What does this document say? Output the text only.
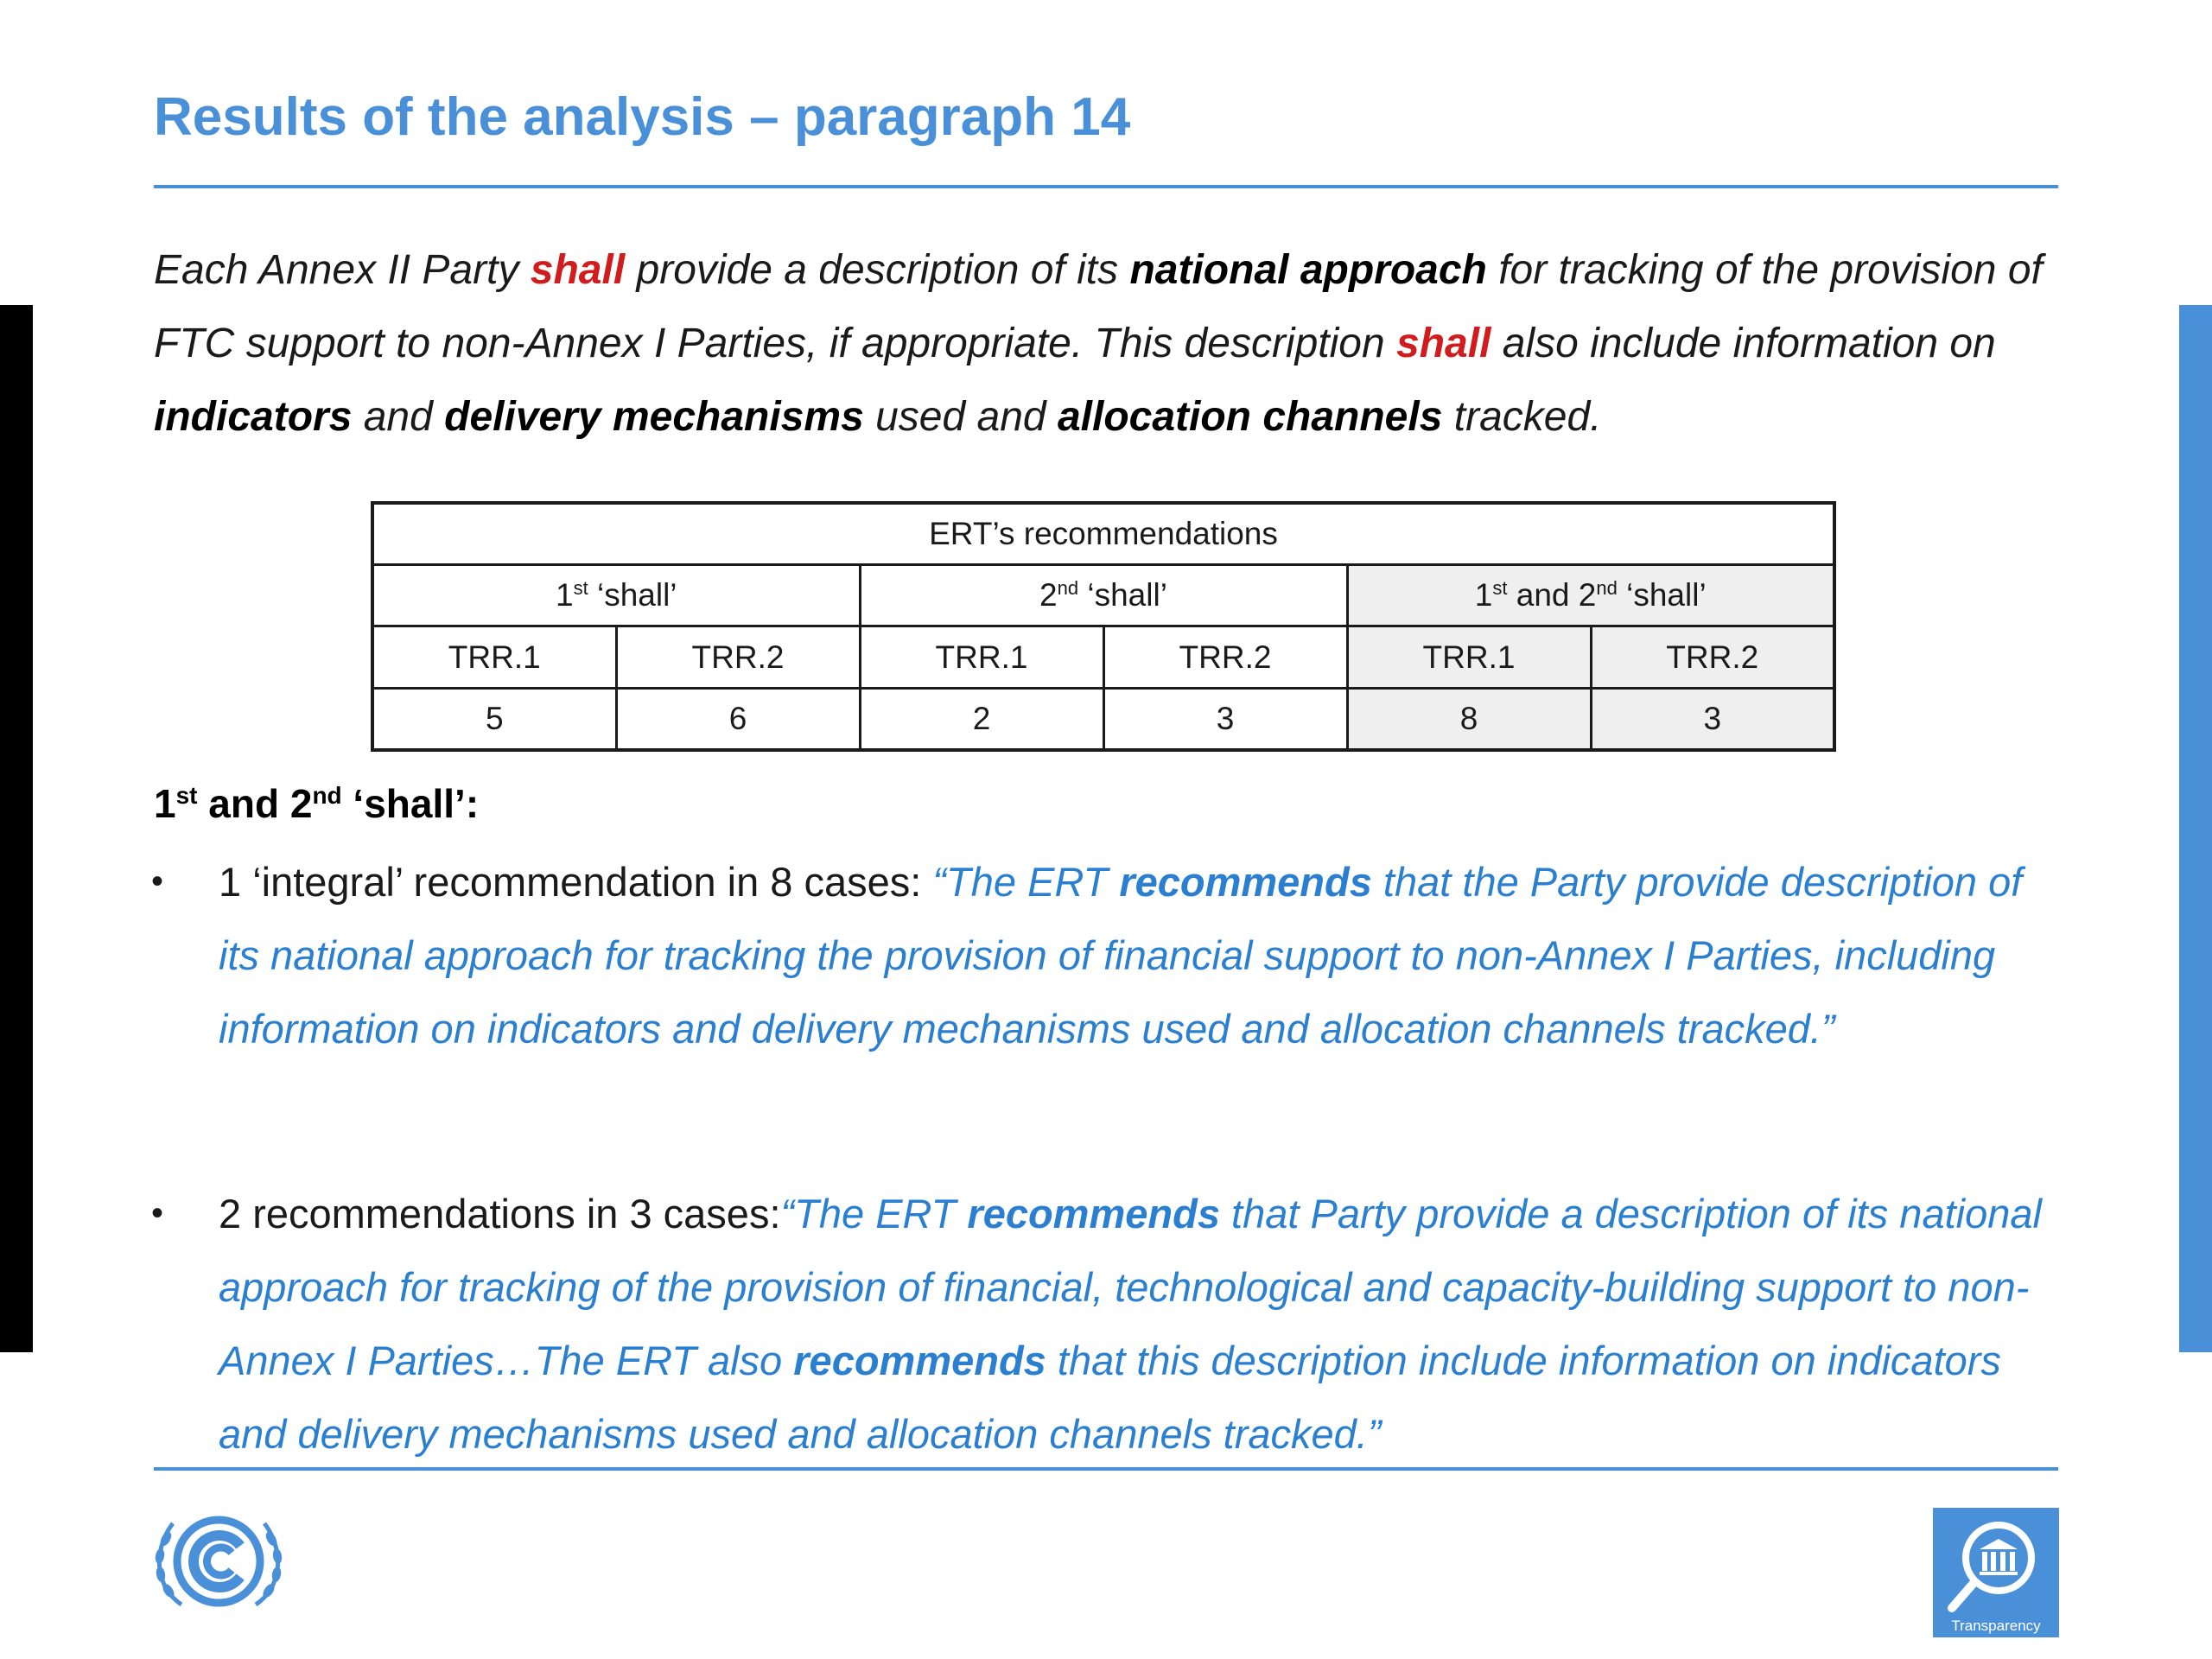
Results of the analysis – paragraph 14

Each Annex II Party shall provide a description of its national approach for tracking of the provision of FTC support to non-Annex I Parties, if appropriate. This description shall also include information on indicators and delivery mechanisms used and allocation channels tracked.

ERT’s recommendations					
1st ‘shall’		2nd ‘shall’		1st and 2nd ‘shall’	
TRR.1	TRR.2	TRR.1	TRR.2	TRR.1	TRR.2
5	6	2	3	8	3

1st and 2nd ‘shall’:

• 1 ‘integral’ recommendation in 8 cases: “The ERT recommends that the Party provide description of its national approach for tracking the provision of financial support to non-Annex I Parties, including information on indicators and delivery mechanisms used and allocation channels tracked.”

• 2 recommendations in 3 cases:“The ERT recommends that Party provide a description of its national approach for tracking of the provision of financial, technological and capacity-building support to non-Annex I Parties…The ERT also recommends that this description include information on indicators and delivery mechanisms used and allocation channels tracked.”

Transparency
